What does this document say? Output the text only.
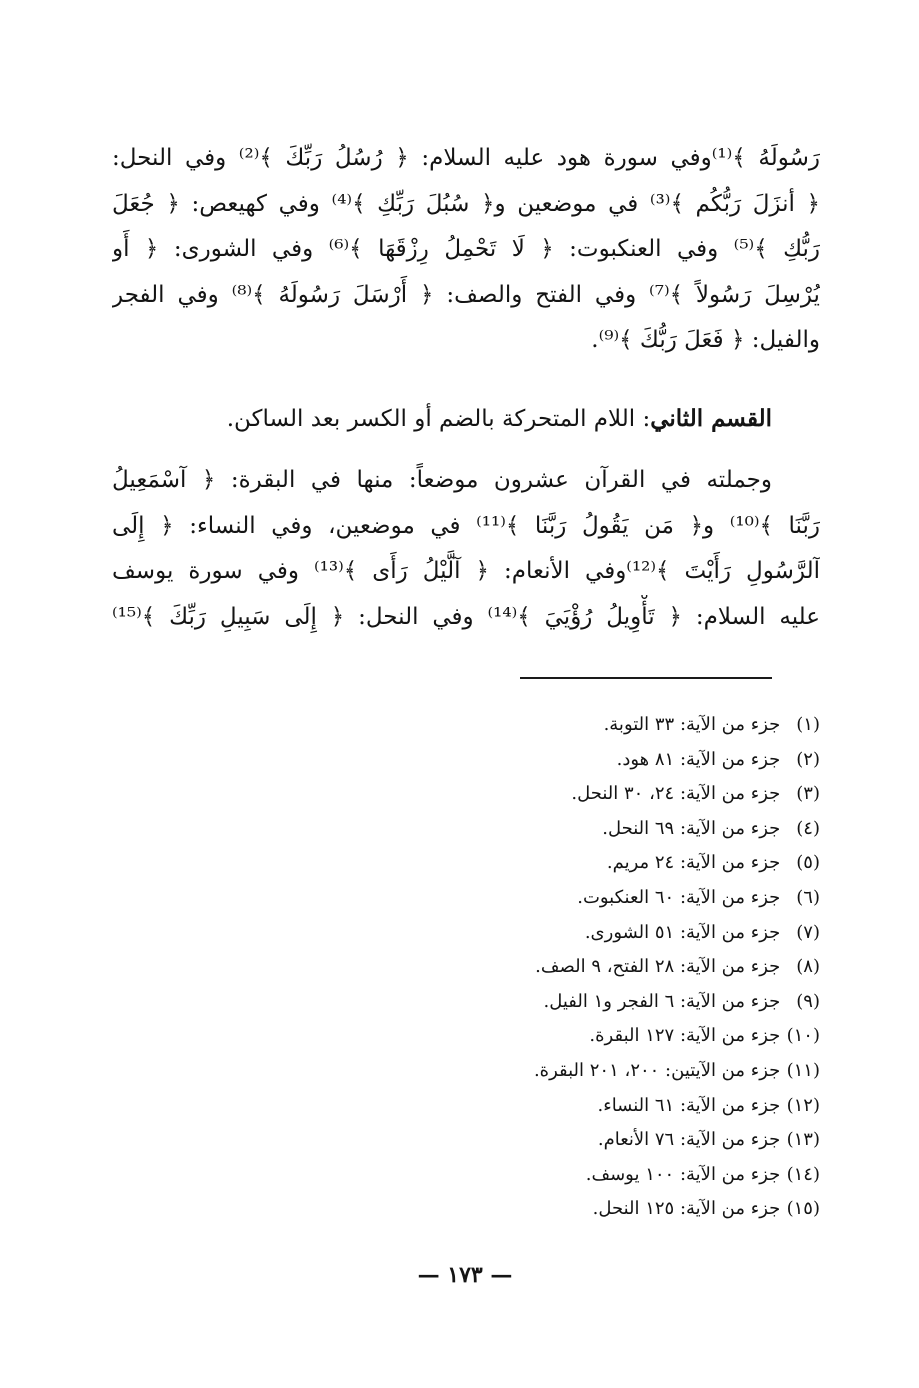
رَسُولَهُ ﴾⁽¹⁾وفي سورة هود عليه السلام: ﴿ رُسُلُ رَبِّكَ ﴾⁽²⁾ وفي النحل:
﴿ أنزَلَ رَبُّكُم ﴾⁽³⁾ في موضعين و﴿ سُبُلَ رَبِّكِ ﴾⁽⁴⁾ وفي كهيعص: ﴿ جُعَلَ
رَبُّكِ ﴾⁽⁵⁾ وفي العنكبوت: ﴿ لَا تَحْمِلُ رِزْقَهَا ﴾⁽⁶⁾ وفي الشورى: ﴿ أَو
يُرْسِلَ رَسُولاً ﴾⁽⁷⁾ وفي الفتح والصف: ﴿ أَرْسَلَ رَسُولَهُ ﴾⁽⁸⁾ وفي الفجر
والفيل: ﴿ فَعَلَ رَبُّكَ ﴾⁽⁹⁾.
القسم الثاني: اللام المتحركة بالضم أو الكسر بعد الساكن.
وجملته في القرآن عشرون موضعاً: منها في البقرة: ﴿ آسْمَعِيلُ
رَبَّنَا ﴾⁽¹⁰⁾ و﴿ مَن يَقُولُ رَبَّنَا ﴾⁽¹¹⁾ في موضعين، وفي النساء: ﴿ إِلَى
آلرَّسُولِ رَأَيْتَ ﴾⁽¹²⁾وفي الأنعام: ﴿ آلَّيْلُ رَأَى ﴾⁽¹³⁾ وفي سورة يوسف
عليه السلام: ﴿ تَأْوِيلُ رُؤْيَيَ ﴾⁽¹⁴⁾ وفي النحل: ﴿ إِلَى سَبِيلِ رَبِّكَ ﴾⁽¹⁵⁾
(١) جزء من الآية: ٣٣ التوبة.
(٢) جزء من الآية: ٨١ هود.
(٣) جزء من الآية: ٢٤، ٣٠ النحل.
(٤) جزء من الآية: ٦٩ النحل.
(٥) جزء من الآية: ٢٤ مريم.
(٦) جزء من الآية: ٦٠ العنكبوت.
(٧) جزء من الآية: ٥١ الشورى.
(٨) جزء من الآية: ٢٨ الفتح، ٩ الصف.
(٩) جزء من الآية: ٦ الفجر و١ الفيل.
(١٠) جزء من الآية: ١٢٧ البقرة.
(١١) جزء من الآيتين: ٢٠٠، ٢٠١ البقرة.
(١٢) جزء من الآية: ٦١ النساء.
(١٣) جزء من الآية: ٧٦ الأنعام.
(١٤) جزء من الآية: ١٠٠ يوسف.
(١٥) جزء من الآية: ١٢٥ النحل.
— ١٧٣ —
